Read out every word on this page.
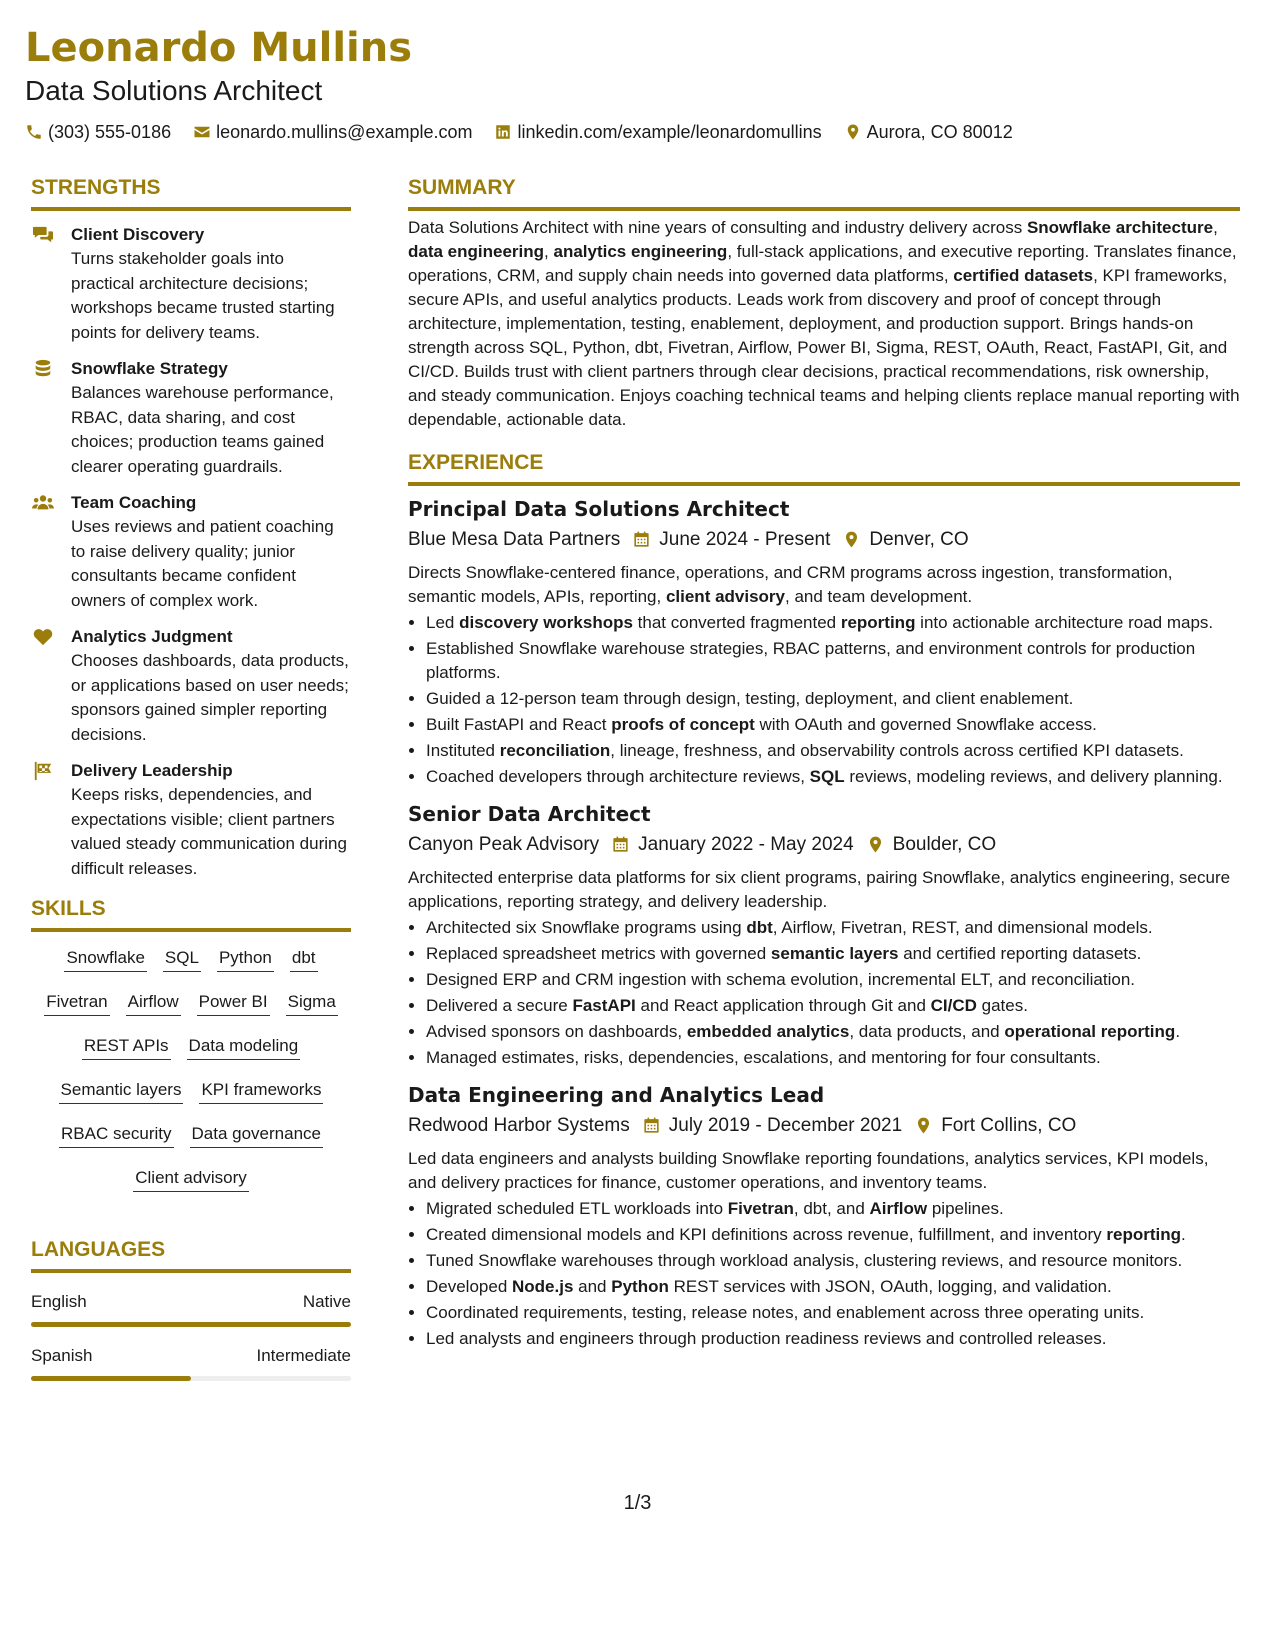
Leonardo Mullins
Data Solutions Architect
(303) 555-0186	leonardo.mullins@example.com	linkedin.com/example/leonardomullins	Aurora, CO 80012
STRENGTHS
Client Discovery
Turns stakeholder goals into practical architecture decisions; workshops became trusted starting points for delivery teams.
Snowflake Strategy
Balances warehouse performance, RBAC, data sharing, and cost choices; production teams gained clearer operating guardrails.
Team Coaching
Uses reviews and patient coaching to raise delivery quality; junior consultants became confident owners of complex work.
Analytics Judgment
Chooses dashboards, data products, or applications based on user needs; sponsors gained simpler reporting decisions.
Delivery Leadership
Keeps risks, dependencies, and expectations visible; client partners valued steady communication during difficult releases.
SKILLS
Snowflake SQL Python dbt
Fivetran Airflow Power BI Sigma
REST APIs Data modeling
Semantic layers KPI frameworks
RBAC security Data governance
Client advisory
LANGUAGES
English	Native
Spanish	Intermediate
SUMMARY
Data Solutions Architect with nine years of consulting and industry delivery across Snowflake architecture, data engineering, analytics engineering, full-stack applications, and executive reporting. Translates finance, operations, CRM, and supply chain needs into governed data platforms, certified datasets, KPI frameworks, secure APIs, and useful analytics products. Leads work from discovery and proof of concept through architecture, implementation, testing, enablement, deployment, and production support. Brings hands-on strength across SQL, Python, dbt, Fivetran, Airflow, Power BI, Sigma, REST, OAuth, React, FastAPI, Git, and CI/CD. Builds trust with client partners through clear decisions, practical recommendations, risk ownership, and steady communication. Enjoys coaching technical teams and helping clients replace manual reporting with dependable, actionable data.
EXPERIENCE
Principal Data Solutions Architect
Blue Mesa Data Partners June 2024 - Present Denver, CO
Directs Snowflake-centered finance, operations, and CRM programs across ingestion, transformation, semantic models, APIs, reporting, client advisory, and team development.
• Led discovery workshops that converted fragmented reporting into actionable architecture road maps.
• Established Snowflake warehouse strategies, RBAC patterns, and environment controls for production platforms.
• Guided a 12-person team through design, testing, deployment, and client enablement.
• Built FastAPI and React proofs of concept with OAuth and governed Snowflake access.
• Instituted reconciliation, lineage, freshness, and observability controls across certified KPI datasets.
• Coached developers through architecture reviews, SQL reviews, modeling reviews, and delivery planning.
Senior Data Architect
Canyon Peak Advisory January 2022 - May 2024 Boulder, CO
Architected enterprise data platforms for six client programs, pairing Snowflake, analytics engineering, secure applications, reporting strategy, and delivery leadership.
• Architected six Snowflake programs using dbt, Airflow, Fivetran, REST, and dimensional models.
• Replaced spreadsheet metrics with governed semantic layers and certified reporting datasets.
• Designed ERP and CRM ingestion with schema evolution, incremental ELT, and reconciliation.
• Delivered a secure FastAPI and React application through Git and CI/CD gates.
• Advised sponsors on dashboards, embedded analytics, data products, and operational reporting.
• Managed estimates, risks, dependencies, escalations, and mentoring for four consultants.
Data Engineering and Analytics Lead
Redwood Harbor Systems July 2019 - December 2021 Fort Collins, CO
Led data engineers and analysts building Snowflake reporting foundations, analytics services, KPI models, and delivery practices for finance, customer operations, and inventory teams.
• Migrated scheduled ETL workloads into Fivetran, dbt, and Airflow pipelines.
• Created dimensional models and KPI definitions across revenue, fulfillment, and inventory reporting.
• Tuned Snowflake warehouses through workload analysis, clustering reviews, and resource monitors.
• Developed Node.js and Python REST services with JSON, OAuth, logging, and validation.
• Coordinated requirements, testing, release notes, and enablement across three operating units.
• Led analysts and engineers through production readiness reviews and controlled releases.
1/3
